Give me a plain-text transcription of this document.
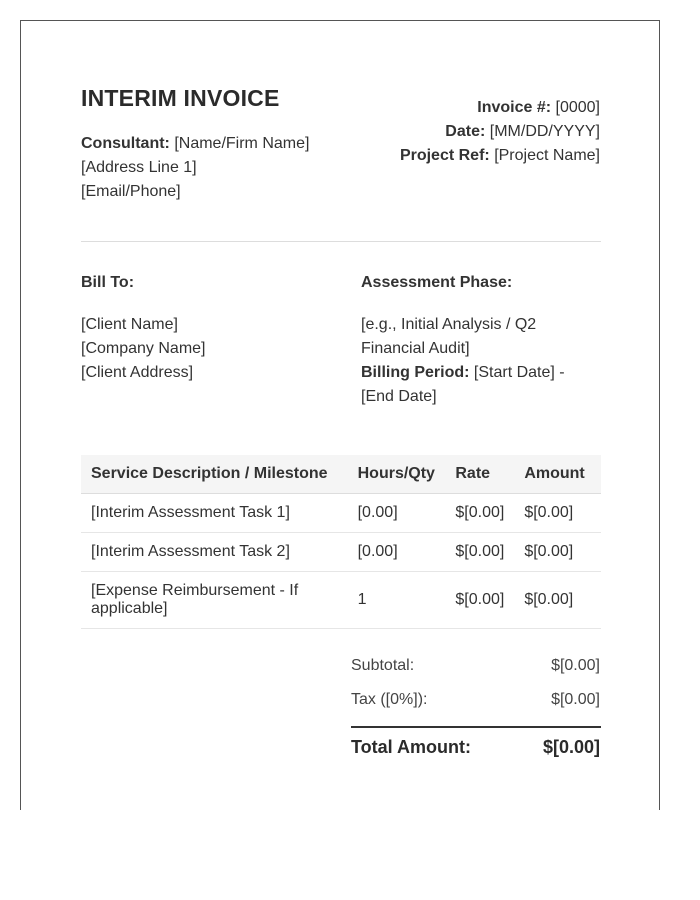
INTERIM INVOICE
Consultant: [Name/Firm Name]
[Address Line 1]
[Email/Phone]
Invoice #: [0000]
Date: [MM/DD/YYYY]
Project Ref: [Project Name]
Bill To:
[Client Name]
[Company Name]
[Client Address]
Assessment Phase:
[e.g., Initial Analysis / Q2 Financial Audit]
Billing Period: [Start Date] - [End Date]
Service Description / Milestone	Hours/Qty	Rate	Amount
[Interim Assessment Task 1]	[0.00]	$[0.00]	$[0.00]
[Interim Assessment Task 2]	[0.00]	$[0.00]	$[0.00]

[Expense Reimbursement - If applicable]	1	$[0.00]	$[0.00]
Subtotal:	$[0.00]
Tax ([0%]):	$[0.00]
Total Amount:	$[0.00]
